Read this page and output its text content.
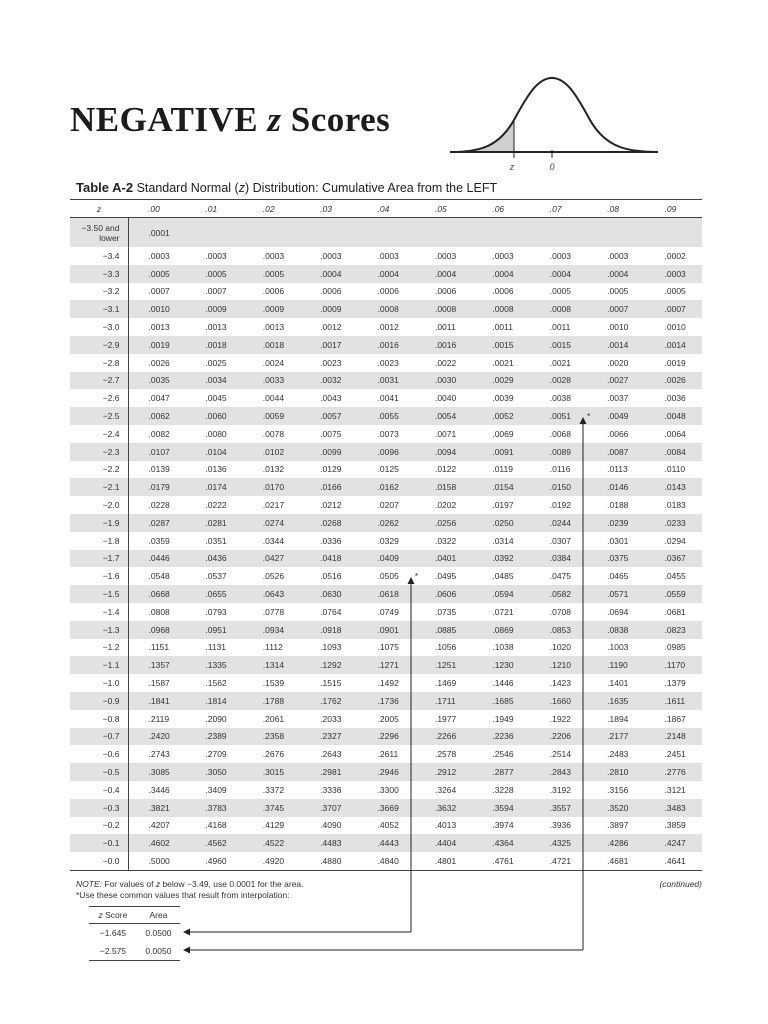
NEGATIVE z Scores
z	0
Table A-2 Standard Normal (z) Distribution: Cumulative Area from the LEFT
z	.00	.01	.02	.03	.04	.05	.06	.07	.08	.09
−3.50 and
lower	.0001									
−3.4	.0003	.0003	.0003	.0003	.0003	.0003	.0003	.0003	.0003	.0002
−3.3	.0005	.0005	.0005	.0004	.0004	.0004	.0004	.0004	.0004	.0003
−3.2	.0007	.0007	.0006	.0006	.0006	.0006	.0006	.0005	.0005	.0005
−3.1	.0010	.0009	.0009	.0009	.0008	.0008	.0008	.0008	.0007	.0007
−3.0	.0013	.0013	.0013	.0012	.0012	.0011	.0011	.0011	.0010	.0010
−2.9	.0019	.0018	.0018	.0017	.0016	.0016	.0015	.0015	.0014	.0014
−2.8	.0026	.0025	.0024	.0023	.0023	.0022	.0021	.0021	.0020	.0019
−2.7	.0035	.0034	.0033	.0032	.0031	.0030	.0029	.0028	.0027	.0026
−2.6	.0047	.0045	.0044	.0043	.0041	.0040	.0039	.0038	.0037	.0036
−2.5	.0062	.0060	.0059	.0057	.0055	.0054	.0052	.0051 *	.0049	.0048
−2.4	.0082	.0080	.0078	.0075	.0073	.0071	.0069	.0068	.0066	.0064
−2.3	.0107	.0104	.0102	.0099	.0096	.0094	.0091	.0089	.0087	.0084
−2.2	.0139	.0136	.0132	.0129	.0125	.0122	.0119	.0116	.0113	.0110
−2.1	.0179	.0174	.0170	.0166	.0162	.0158	.0154	.0150	.0146	.0143
−2.0	.0228	.0222	.0217	.0212	.0207	.0202	.0197	.0192	.0188	.0183
−1.9	.0287	.0281	.0274	.0268	.0262	.0256	.0250	.0244	.0239	.0233
−1.8	.0359	.0351	.0344	.0336	.0329	.0322	.0314	.0307	.0301	.0294
−1.7	.0446	.0436	.0427	.0418	.0409	.0401	.0392	.0384	.0375	.0367
−1.6	.0548	.0537	.0526	.0516	.0505 *	.0495	.0485	.0475	.0465	.0455
−1.5	.0668	.0655	.0643	.0630	.0618	.0606	.0594	.0582	.0571	.0559
−1.4	.0808	.0793	.0778	.0764	.0749	.0735	.0721	.0708	.0694	.0681
−1.3	.0968	.0951	.0934	.0918	.0901	.0885	.0869	.0853	.0838	.0823
−1.2	.1151	.1131	.1112	.1093	.1075	.1056	.1038	.1020	.1003	.0985
−1.1	.1357	.1335	.1314	.1292	.1271	.1251	.1230	.1210	.1190	.1170
−1.0	.1587	.1562	.1539	.1515	.1492	.1469	.1446	.1423	.1401	.1379
−0.9	.1841	.1814	.1788	.1762	.1736	.1711	.1685	.1660	.1635	.1611
−0.8	.2119	.2090	.2061	.2033	.2005	.1977	.1949	.1922	.1894	.1867
−0.7	.2420	.2389	.2358	.2327	.2296	.2266	.2236	.2206	.2177	.2148
−0.6	.2743	.2709	.2676	.2643	.2611	.2578	.2546	.2514	.2483	.2451
−0.5	.3085	.3050	.3015	.2981	.2946	.2912	.2877	.2843	.2810	.2776
−0.4	.3446	.3409	.3372	.3336	.3300	.3264	.3228	.3192	.3156	.3121
−0.3	.3821	.3783	.3745	.3707	.3669	.3632	.3594	.3557	.3520	.3483
−0.2	.4207	.4168	.4129	.4090	.4052	.4013	.3974	.3936	.3897	.3859
−0.1	.4602	.4562	.4522	.4483	.4443	.4404	.4364	.4325	.4286	.4247
−0.0	.5000	.4960	.4920	.4880	.4840	.4801	.4761	.4721	.4681	.4641
NOTE: For values of z below −3.49, use 0.0001 for the area.
*Use these common values that result from interpolation:
(continued)
z Score	Area
−1.645	0.0500
−2.575	0.0050
